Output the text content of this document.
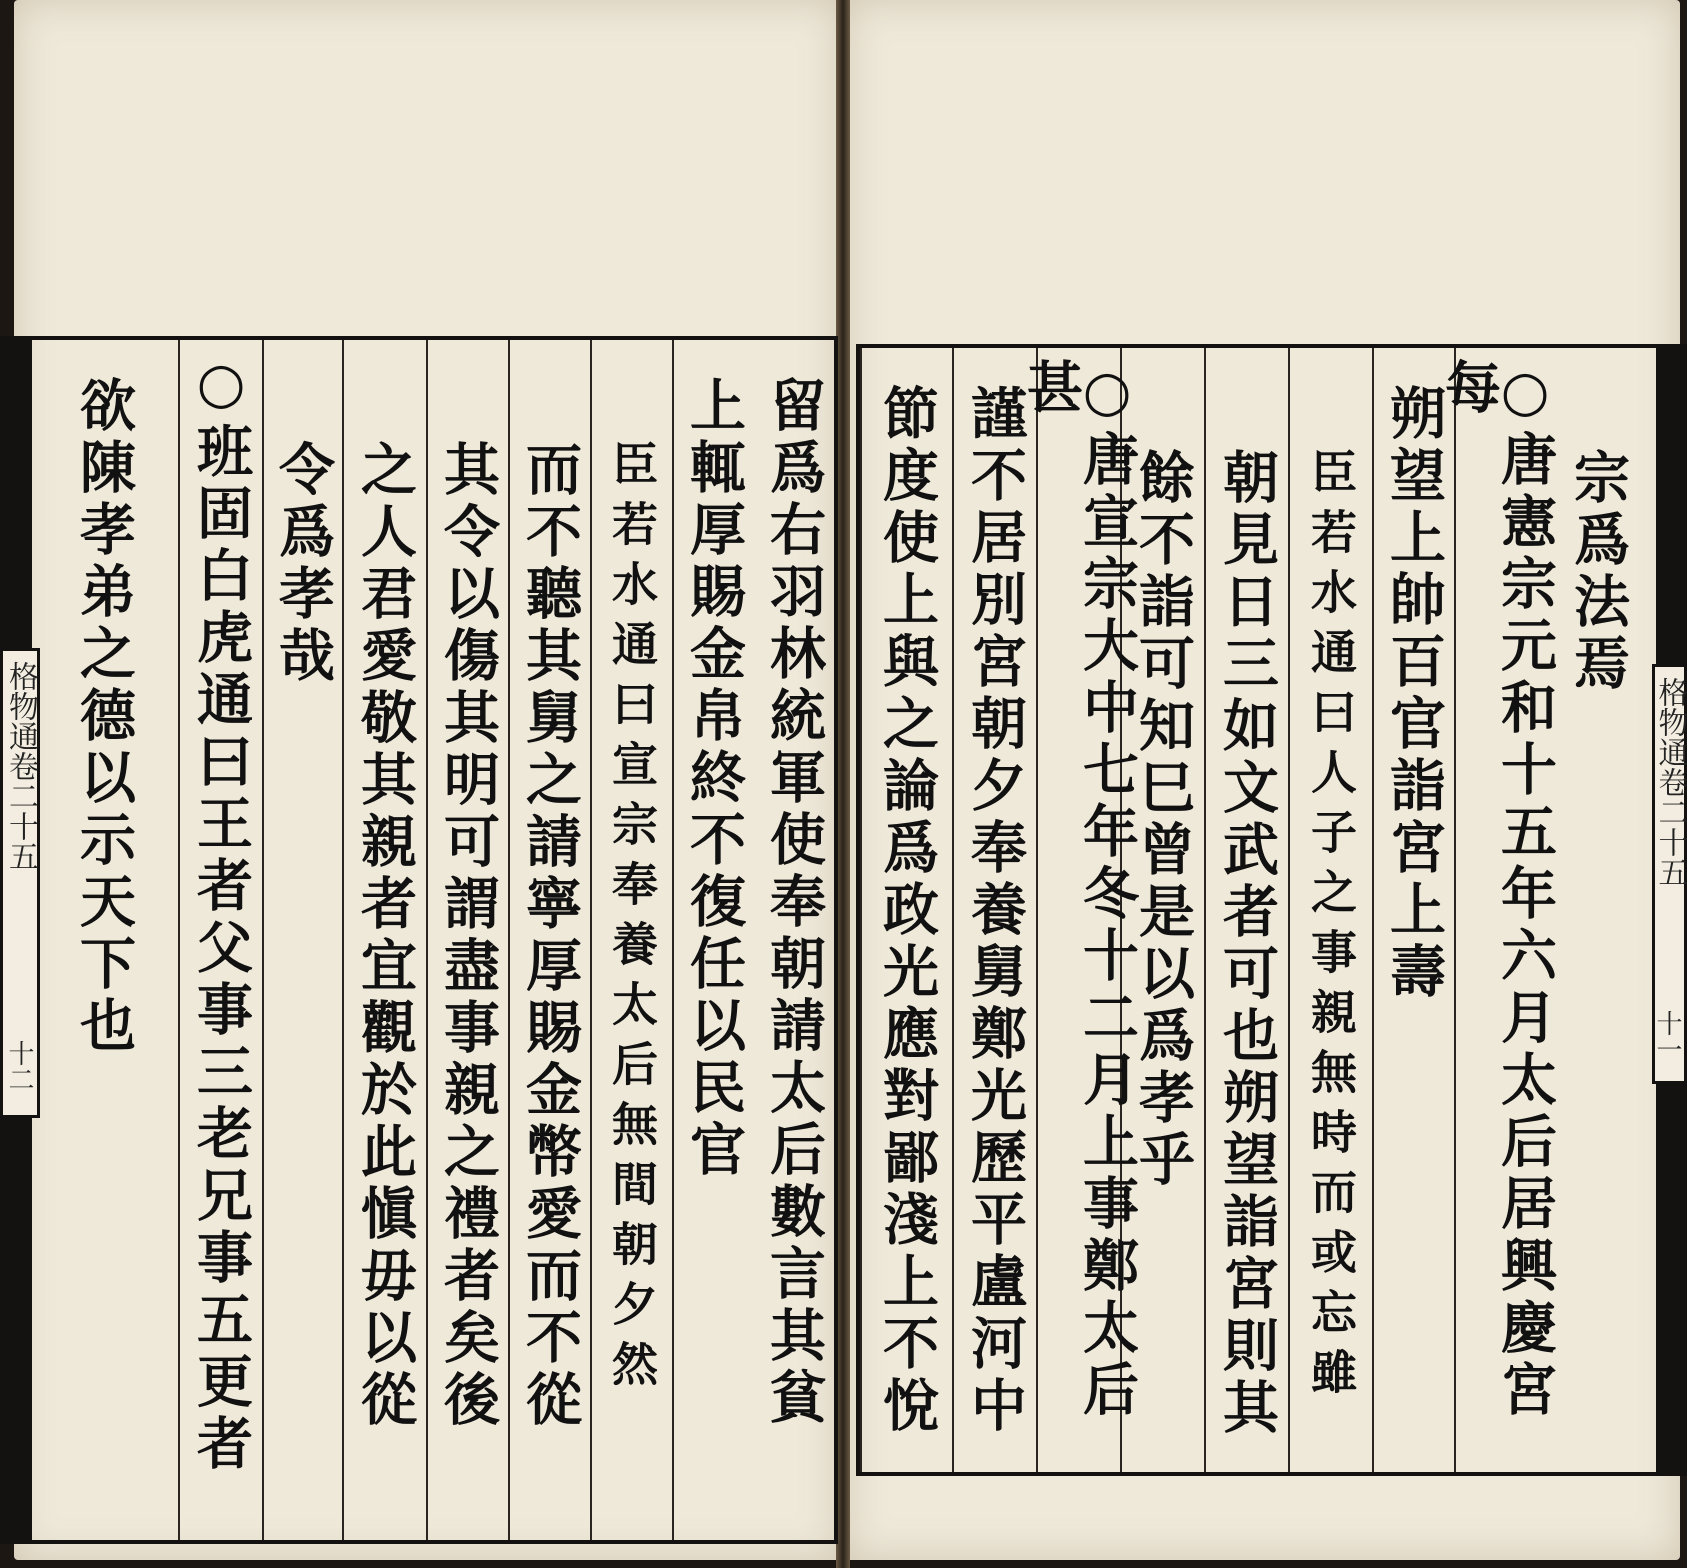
留爲右羽林統軍使奉朝請太后數言其貧
上輒厚賜金帛終不復任以民官
臣若水通曰宣宗奉養太后無間朝夕然
而不聽其舅之請寧厚賜金幣愛而不從
其令以傷其明可謂盡事親之禮者矣後
之人君愛敬其親者宜觀於此愼毋以從
令爲孝哉
○班固白虎通曰王者父事三老兄事五更者
欲陳孝弟之德以示天下也	宗爲法焉
○唐憲宗元和十五年六月太后居興慶宮每
朔望上帥百官詣宮上壽
臣若水通曰人子之事親無時而或忘雖
朝見日三如文武者可也朔望詣宮則其
餘不詣可知巳曾是以爲孝乎
○唐宣宗大中七年冬十二月上事鄭太后甚
謹不居別宮朝夕奉養舅鄭光歷平盧河中
節度使上與之論爲政光應對鄙淺上不悅
格物通卷二十五	格物通卷二十五
十二
十一
